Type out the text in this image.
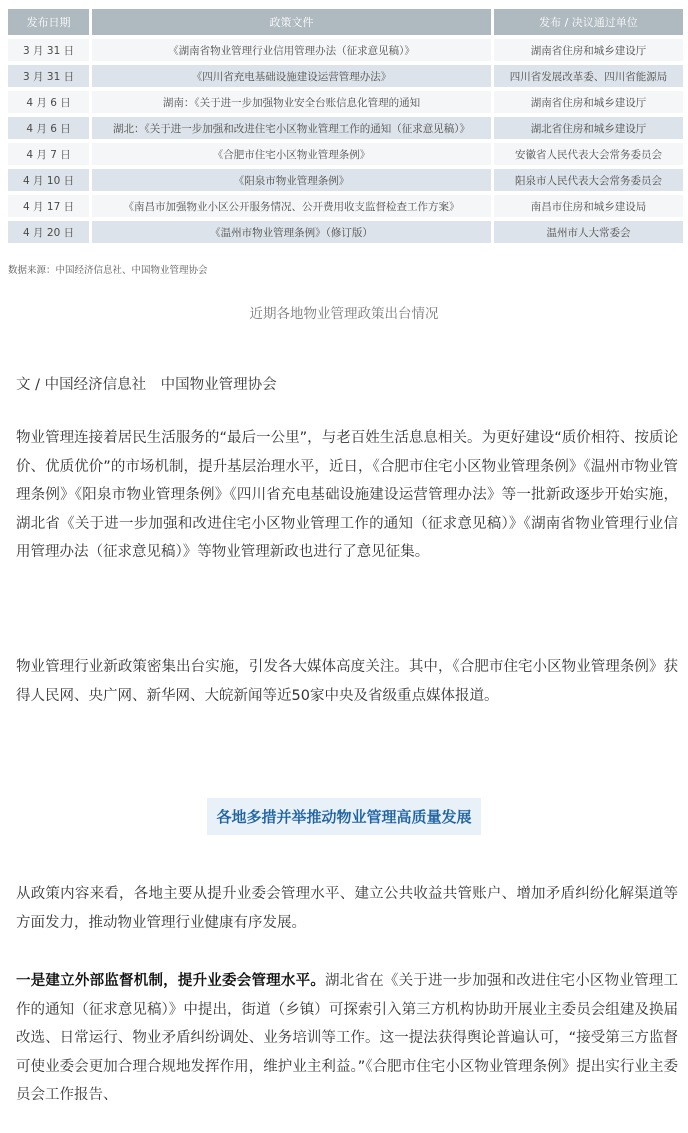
发布日期	政策文件	发布 / 决议通过单位
3 月 31 日	《湖南省物业管理行业信用管理办法（征求意见稿）》	湖南省住房和城乡建设厅
3 月 31 日	《四川省充电基础设施建设运营管理办法》	四川省发展改革委、四川省能源局
4 月 6 日	湖南：《关于进一步加强物业安全台账信息化管理的通知	湖南省住房和城乡建设厅
4 月 6 日	湖北：《关于进一步加强和改进住宅小区物业管理工作的通知（征求意见稿）》	湖北省住房和城乡建设厅
4 月 7 日	《合肥市住宅小区物业管理条例》	安徽省人民代表大会常务委员会
4 月 10 日	《阳泉市物业管理条例》	阳泉市人民代表大会常务委员会
4 月 17 日	《南昌市加强物业小区公开服务情况、公开费用收支监督检查工作方案》	南昌市住房和城乡建设局
4 月 20 日	《温州市物业管理条例》（修订版）	温州市人大常委会
数据来源：中国经济信息社、中国物业管理协会
近期各地物业管理政策出台情况
文 / 中国经济信息社　中国物业管理协会

物业管理连接着居民生活服务的“最后一公里”，与老百姓生活息息相关。为更好建设“质价相符、按质论价、优质优价”的市场机制，提升基层治理水平，近日，《合肥市住宅小区物业管理条例》《温州市物业管理条例》《阳泉市物业管理条例》《四川省充电基础设施建设运营管理办法》等一批新政逐步开始实施，湖北省《关于进一步加强和改进住宅小区物业管理工作的通知（征求意见稿）》《湖南省物业管理行业信用管理办法（征求意见稿）》等物业管理新政也进行了意见征集。

物业管理行业新政策密集出台实施，引发各大媒体高度关注。其中，《合肥市住宅小区物业管理条例》获得人民网、央广网、新华网、大皖新闻等近50家中央及省级重点媒体报道。

各地多措并举推动物业管理高质量发展

从政策内容来看，各地主要从提升业委会管理水平、建立公共收益共管账户、增加矛盾纠纷化解渠道等方面发力，推动物业管理行业健康有序发展。

一是建立外部监督机制，提升业委会管理水平。湖北省在《关于进一步加强和改进住宅小区物业管理工作的通知（征求意见稿）》中提出，街道（乡镇）可探索引入第三方机构协助开展业主委员会组建及换届改选、日常运行、物业矛盾纠纷调处、业务培训等工作。这一提法获得舆论普遍认可，“接受第三方监督可使业委会更加合理合规地发挥作用，维护业主利益。”《合肥市住宅小区物业管理条例》提出实行业主委员会工作报告、
